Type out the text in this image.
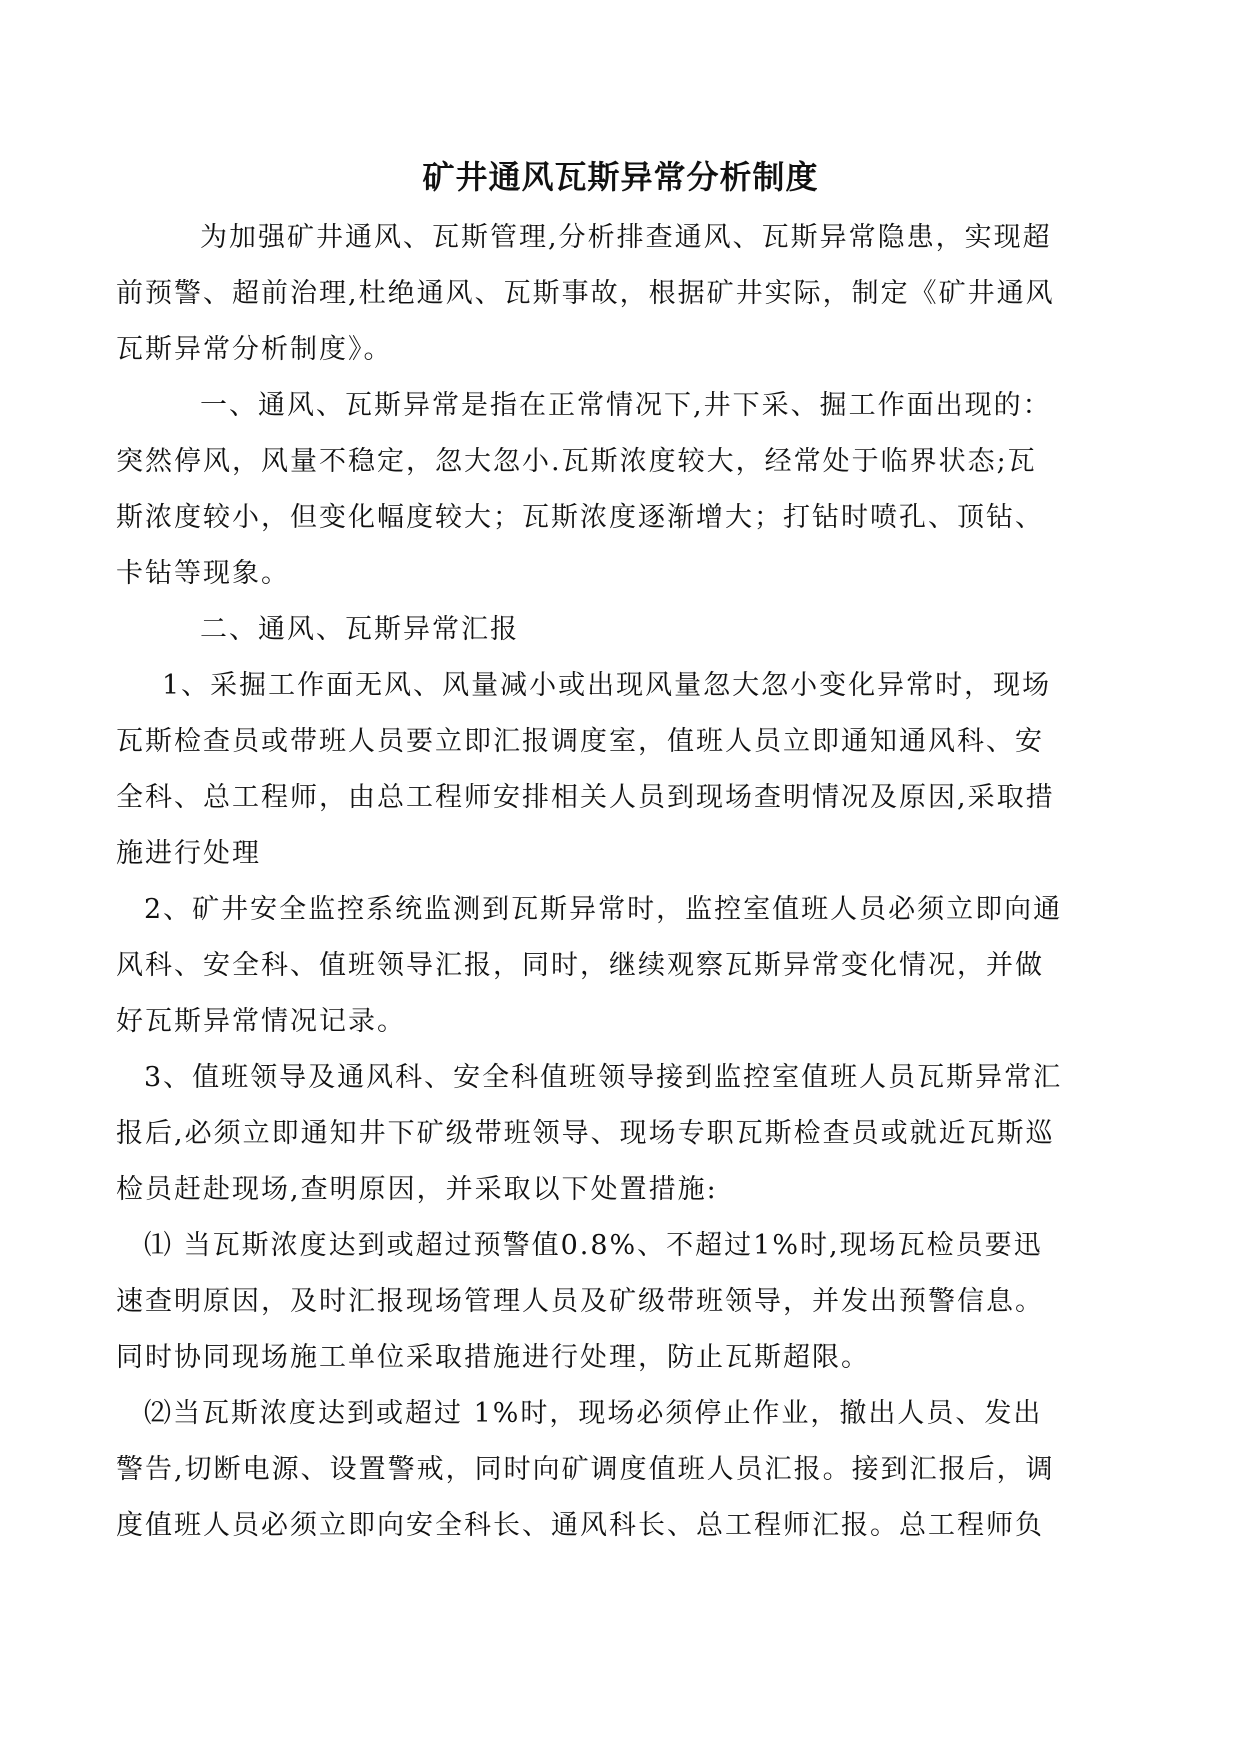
矿井通风瓦斯异常分析制度
为加强矿井通风、瓦斯管理,分析排查通风、瓦斯异常隐患，实现超
前预警、超前治理,杜绝通风、瓦斯事故，根据矿井实际，制定《矿井通风
瓦斯异常分析制度》。
一、通风、瓦斯异常是指在正常情况下,井下采、掘工作面出现的：
突然停风，风量不稳定，忽大忽小.瓦斯浓度较大，经常处于临界状态;瓦
斯浓度较小，但变化幅度较大；瓦斯浓度逐渐增大；打钻时喷孔、顶钻、
卡钻等现象。
二、通风、瓦斯异常汇报
1、采掘工作面无风、风量减小或出现风量忽大忽小变化异常时，现场
瓦斯检查员或带班人员要立即汇报调度室，值班人员立即通知通风科、安
全科、总工程师，由总工程师安排相关人员到现场查明情况及原因,采取措
施进行处理
2、矿井安全监控系统监测到瓦斯异常时，监控室值班人员必须立即向通
风科、安全科、值班领导汇报，同时，继续观察瓦斯异常变化情况，并做
好瓦斯异常情况记录。
3、值班领导及通风科、安全科值班领导接到监控室值班人员瓦斯异常汇
报后,必须立即通知井下矿级带班领导、现场专职瓦斯检查员或就近瓦斯巡
检员赶赴现场,查明原因，并采取以下处置措施:
⑴ 当瓦斯浓度达到或超过预警值0.8%、不超过1%时,现场瓦检员要迅
速查明原因，及时汇报现场管理人员及矿级带班领导，并发出预警信息。
同时协同现场施工单位采取措施进行处理，防止瓦斯超限。
⑵当瓦斯浓度达到或超过 1%时，现场必须停止作业，撤出人员、发出
警告,切断电源、设置警戒，同时向矿调度值班人员汇报。接到汇报后，调
度值班人员必须立即向安全科长、通风科长、总工程师汇报。总工程师负
